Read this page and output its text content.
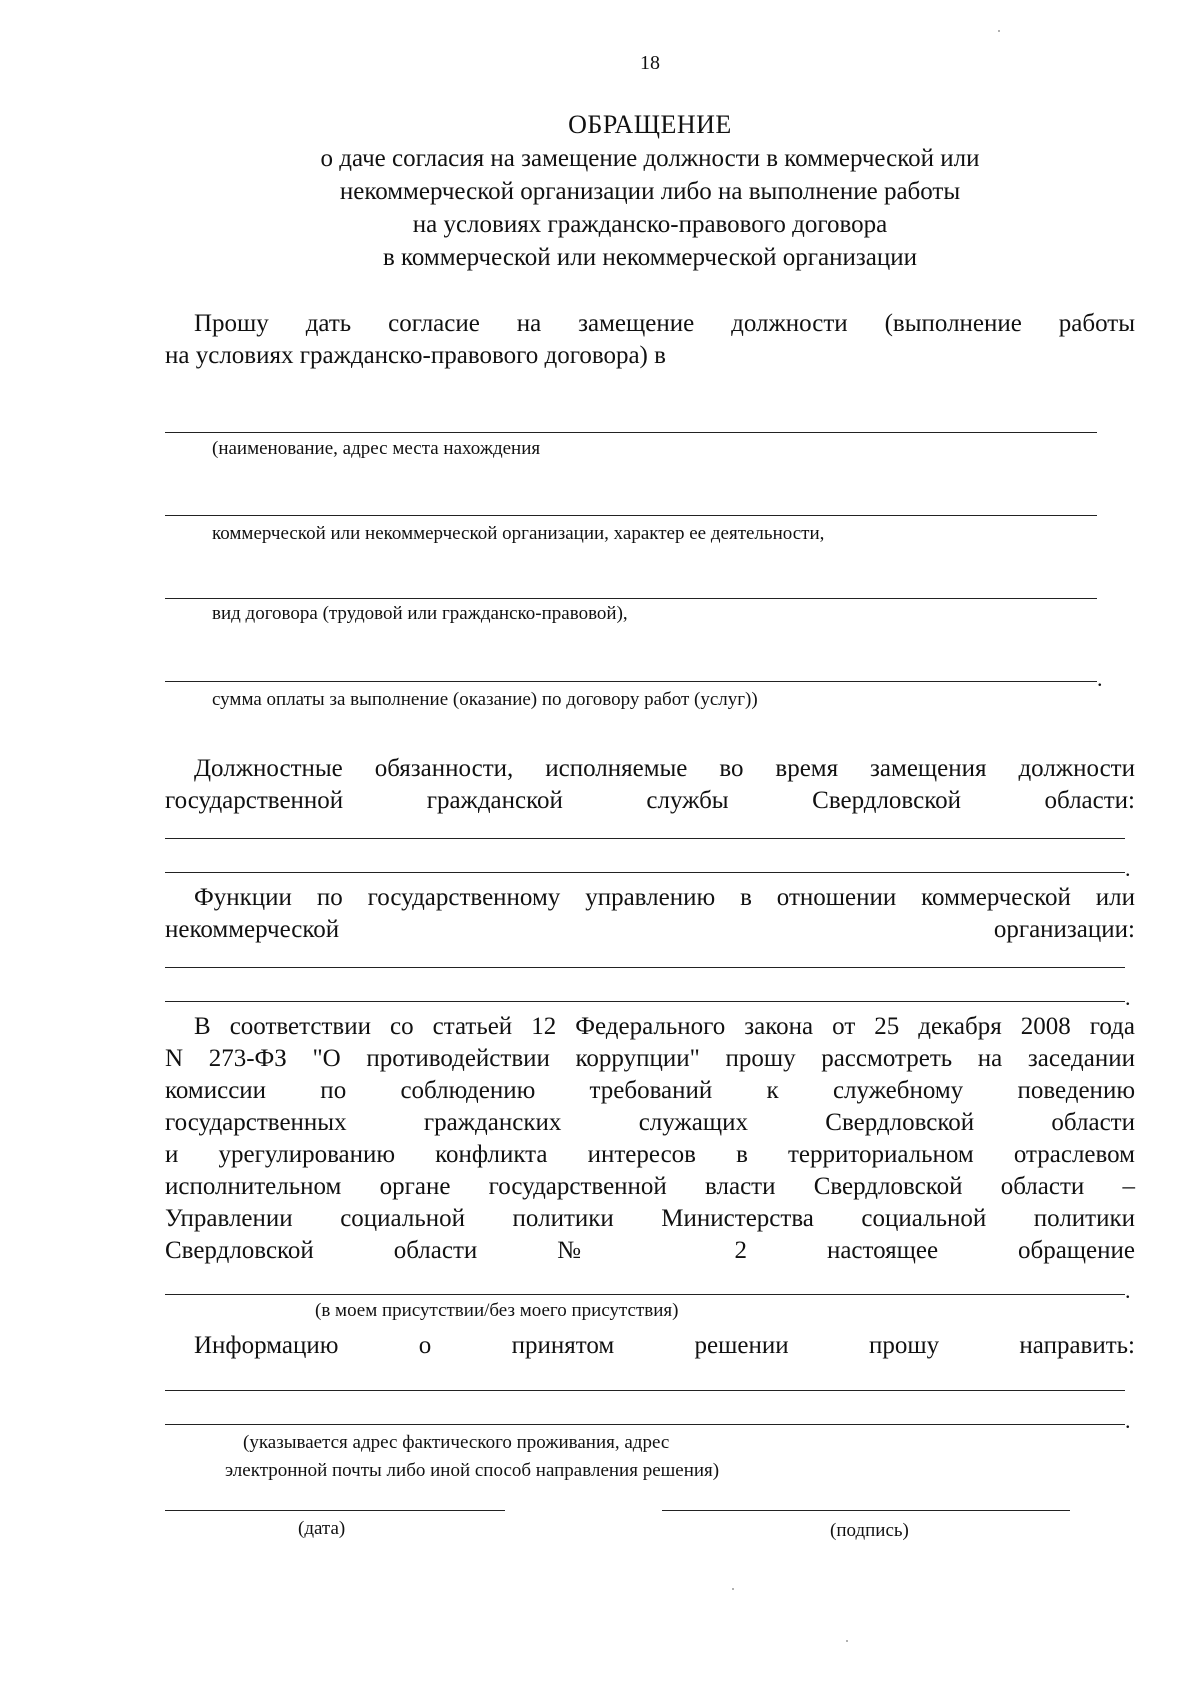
18
ОБРАЩЕНИЕ
о даче согласия на замещение должности в коммерческой или
некоммерческой организации либо на выполнение работы
на условиях гражданско-правового договора
в коммерческой или некоммерческой организации
Прошу дать согласие на замещение должности (выполнение работы
на условиях гражданско-правового договора) в
(наименование, адрес места нахождения
коммерческой или некоммерческой организации, характер ее деятельности,
вид договора (трудовой или гражданско-правовой),
.
сумма оплаты за выполнение (оказание) по договору работ (услуг))
Должностные обязанности, исполняемые во время замещения должности
государственной гражданской службы Свердловской области:
.
Функции по государственному управлению в отношении коммерческой или
некоммерческой	организации:
.
В соответствии со статьей 12 Федерального закона от 25 декабря 2008 года
N 273-ФЗ "О противодействии коррупции" прошу рассмотреть на заседании
комиссии по соблюдению требований к служебному поведению
государственных гражданских служащих Свердловской области
и урегулированию конфликта интересов в территориальном отраслевом
исполнительном органе государственной власти Свердловской области –
Управлении социальной политики Министерства социальной политики
Свердловской области № 2 настоящее обращение
.
(в моем присутствии/без моего присутствия)
Информацию о принятом решении прошу направить:
.
(указывается адрес фактического проживания, адрес
электронной почты либо иной способ направления решения)
(дата)	(подпись)
